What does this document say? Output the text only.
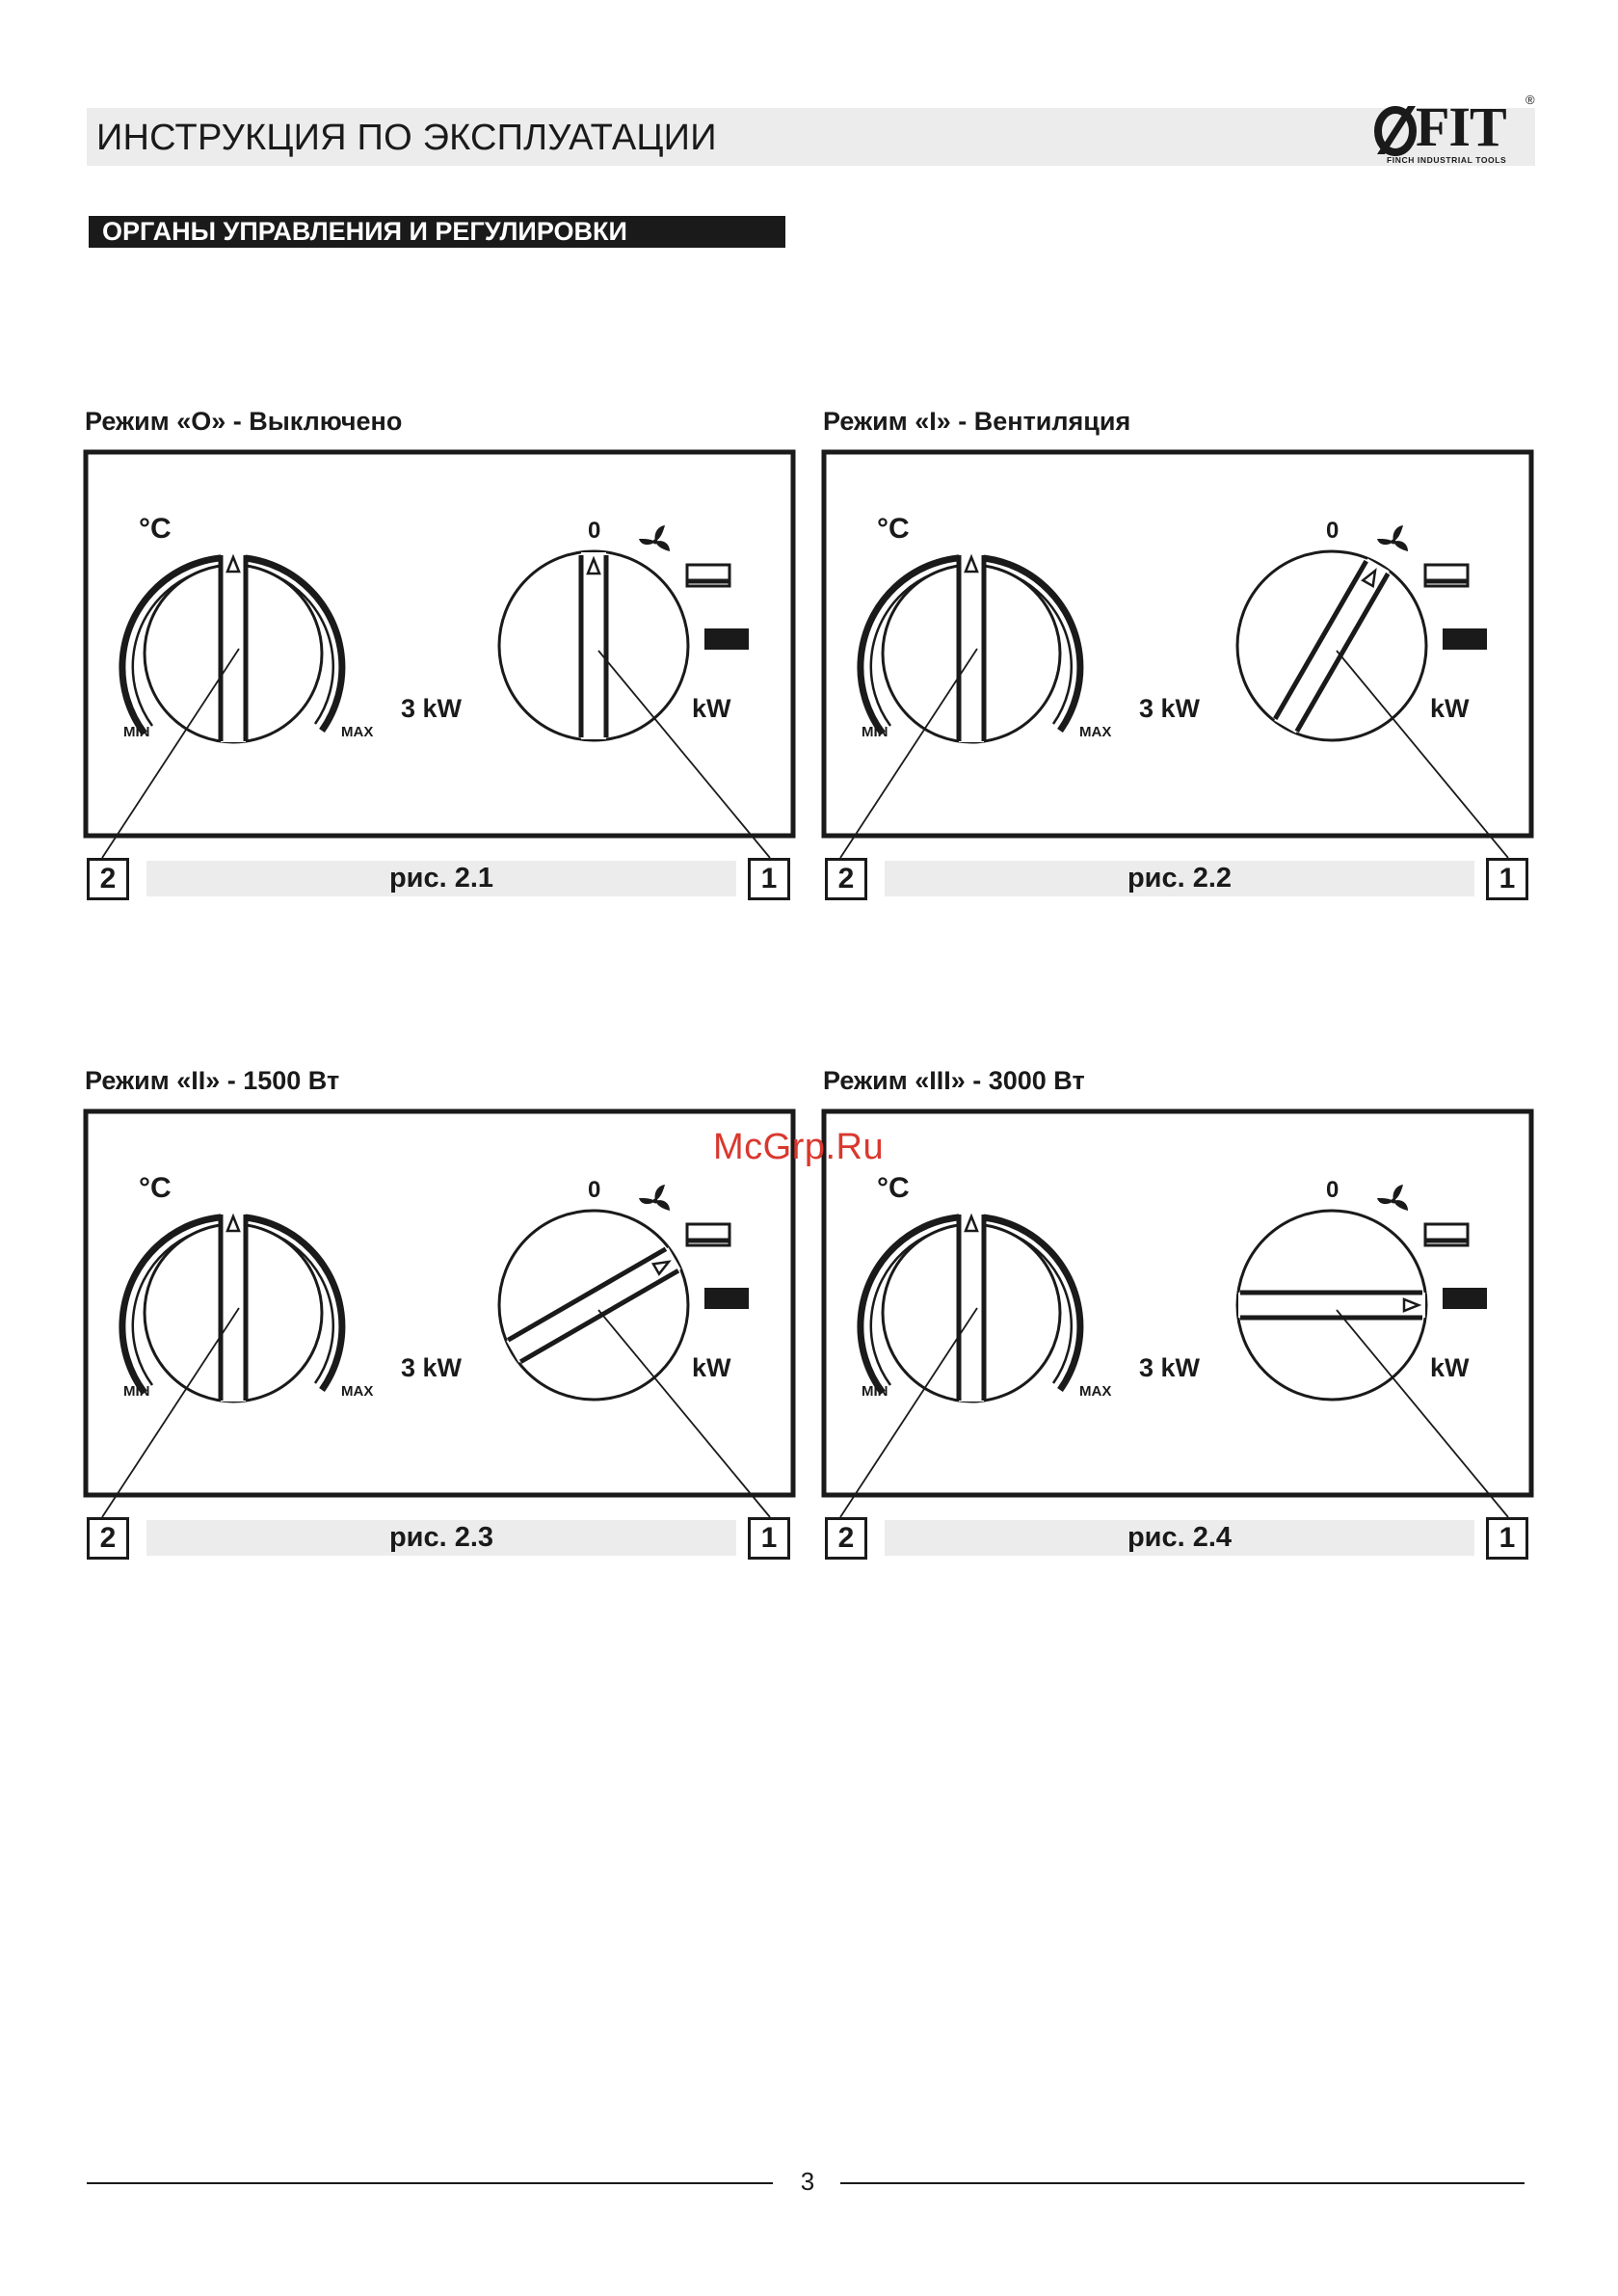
ИНСТРУКЦИЯ ПО ЭКСПЛУАТАЦИИ	FIT ®
FINCH INDUSTRIAL TOOLS
ОРГАНЫ УПРАВЛЕНИЯ И РЕГУЛИРОВКИ
Режим «О» - Выключено
°C
MIN	MAX
3 kW
0
kW
2	рис. 2.1	1
Режим «I» - Вентиляция
°C
MIN	MAX
3 kW
0
kW
2	рис. 2.2	1
Режим «II» - 1500 Вт
°C
MIN	MAX
3 kW
0
kW
2	рис. 2.3	1
Режим «III» - 3000 Вт
°C
MIN	MAX
3 kW
0
kW
2	рис. 2.4	1
McGrp.Ru
3
